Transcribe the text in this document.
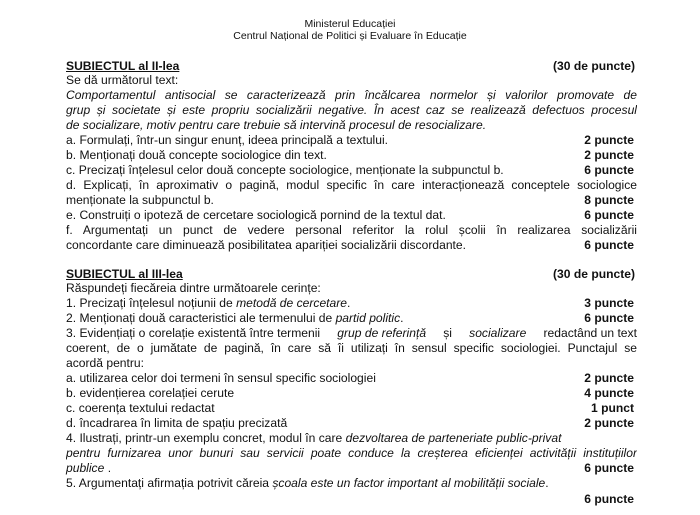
Ministerul Educației
Centrul Național de Politici și Evaluare în Educație
SUBIECTUL al II-lea	(30 de puncte)
Se dă următorul text:
Comportamentul antisocial se caracterizează prin încălcarea normelor și valorilor promovate de
grup și societate și este propriu socializării negative. În acest caz se realizează defectuos procesul
de socializare, motiv pentru care trebuie să intervină procesul de resocializare.
a. Formulați, într-un singur enunț, ideea principală a textului.	2 puncte
b. Menționați două concepte sociologice din text.	2 puncte
c. Precizați înțelesul celor două concepte sociologice, menționate la subpunctul b.	6 puncte
d. Explicați, în aproximativ o pagină, modul specific în care interacționează conceptele sociologice
menționate la subpunctul b.	8 puncte
e. Construiți o ipoteză de cercetare sociologică pornind de la textul dat.	6 puncte
f. Argumentați un punct de vedere personal referitor la rolul școlii în realizarea socializării
concordante care diminuează posibilitatea apariției socializării discordante.	6 puncte
SUBIECTUL al III-lea	(30 de puncte)
Răspundeți fiecăreia dintre următoarele cerințe:
1. Precizați înțelesul noțiunii de metodă de cercetare.	3 puncte
2. Menționați două caracteristici ale termenului de partid politic.	6 puncte
3. Evidențiați o corelație existentă între termenii grup de referință și socializare redactând un text
coerent, de o jumătate de pagină, în care să îi utilizați în sensul specific sociologiei. Punctajul se
acordă pentru:
a. utilizarea celor doi termeni în sensul specific sociologiei	2 puncte
b. evidențierea corelației cerute	4 puncte
c. coerența textului redactat	1 punct
d. încadrarea în limita de spațiu precizată	2 puncte
4. Ilustrați, printr-un exemplu concret, modul în care dezvoltarea de parteneriate public-privat
pentru furnizarea unor bunuri sau servicii poate conduce la creșterea eficienței activității instituțiilor
publice .	6 puncte
5. Argumentați afirmația potrivit căreia școala este un factor important al mobilității sociale.
6 puncte
